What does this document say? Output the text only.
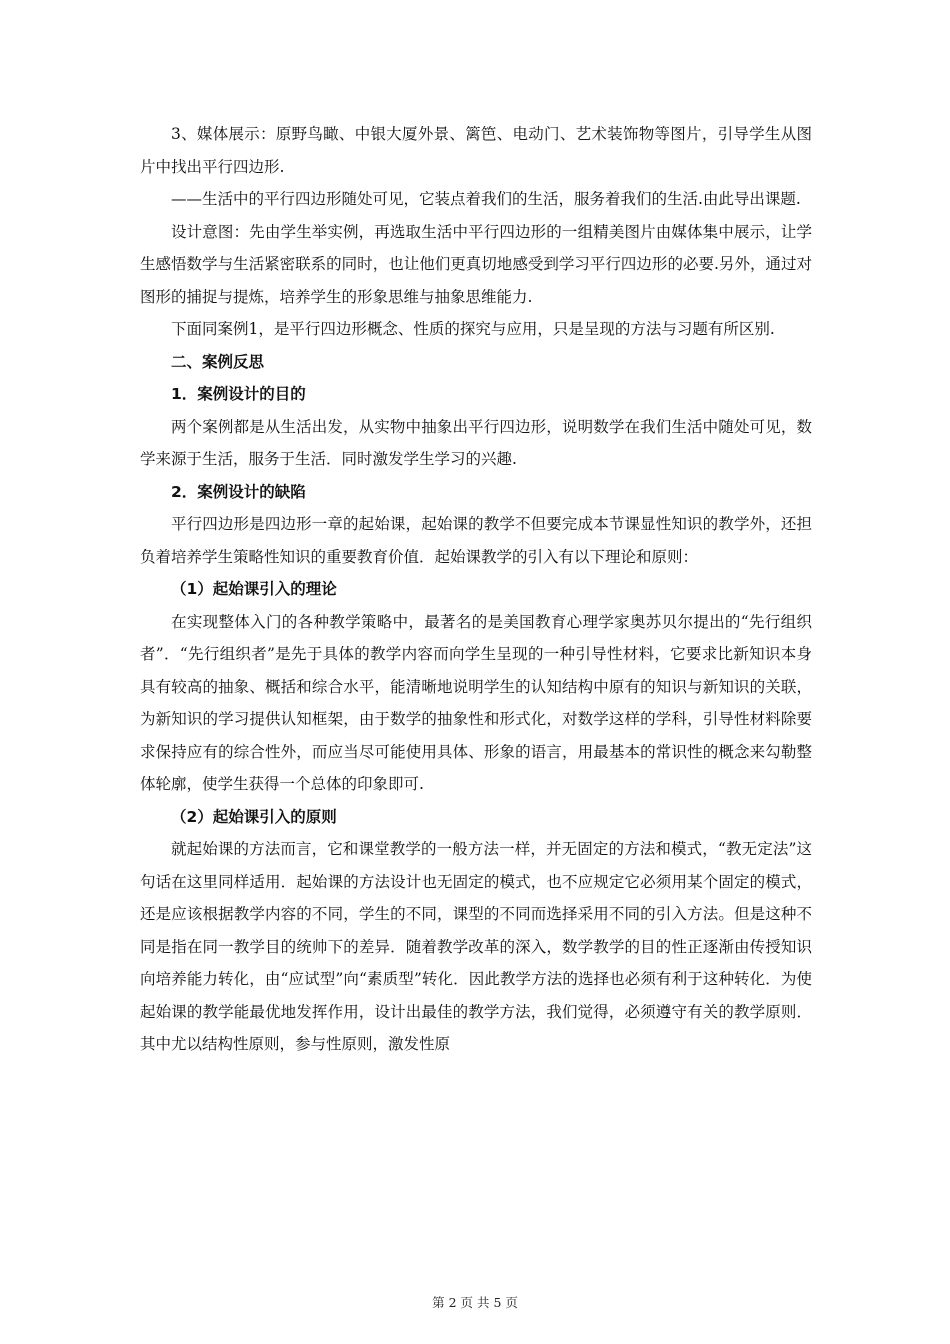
3、媒体展示：原野鸟瞰、中银大厦外景、篱笆、电动门、艺术装饰物等图片，引导学生从图片中找出平行四边形.

——生活中的平行四边形随处可见，它装点着我们的生活，服务着我们的生活.由此导出课题.

设计意图：先由学生举实例，再选取生活中平行四边形的一组精美图片由媒体集中展示，让学生感悟数学与生活紧密联系的同时，也让他们更真切地感受到学习平行四边形的必要.另外，通过对图形的捕捉与提炼，培养学生的形象思维与抽象思维能力.

下面同案例1，是平行四边形概念、性质的探究与应用，只是呈现的方法与习题有所区别.

二、案例反思

1．案例设计的目的

两个案例都是从生活出发，从实物中抽象出平行四边形，说明数学在我们生活中随处可见，数学来源于生活，服务于生活．同时激发学生学习的兴趣.

2．案例设计的缺陷

平行四边形是四边形一章的起始课，起始课的教学不但要完成本节课显性知识的教学外，还担负着培养学生策略性知识的重要教育价值．起始课教学的引入有以下理论和原则：

（1）起始课引入的理论

在实现整体入门的各种教学策略中，最著名的是美国教育心理学家奥苏贝尔提出的“先行组织者”．“先行组织者”是先于具体的教学内容而向学生呈现的一种引导性材料，它要求比新知识本身具有较高的抽象、概括和综合水平，能清晰地说明学生的认知结构中原有的知识与新知识的关联，为新知识的学习提供认知框架，由于数学的抽象性和形式化，对数学这样的学科，引导性材料除要求保持应有的综合性外，而应当尽可能使用具体、形象的语言，用最基本的常识性的概念来勾勒整体轮廓，使学生获得一个总体的印象即可.

（2）起始课引入的原则

就起始课的方法而言，它和课堂教学的一般方法一样，并无固定的方法和模式，“教无定法”这句话在这里同样适用．起始课的方法设计也无固定的模式，也不应规定它必须用某个固定的模式，还是应该根据教学内容的不同，学生的不同，课型的不同而选择采用不同的引入方法。但是这种不同是指在同一教学目的统帅下的差异．随着教学改革的深入，数学教学的目的性正逐渐由传授知识向培养能力转化，由“应试型”向“素质型”转化．因此教学方法的选择也必须有利于这种转化．为使起始课的教学能最优地发挥作用，设计出最佳的教学方法，我们觉得，必须遵守有关的教学原则．其中尤以结构性原则，参与性原则，激发性原

第 2 页 共 5 页
